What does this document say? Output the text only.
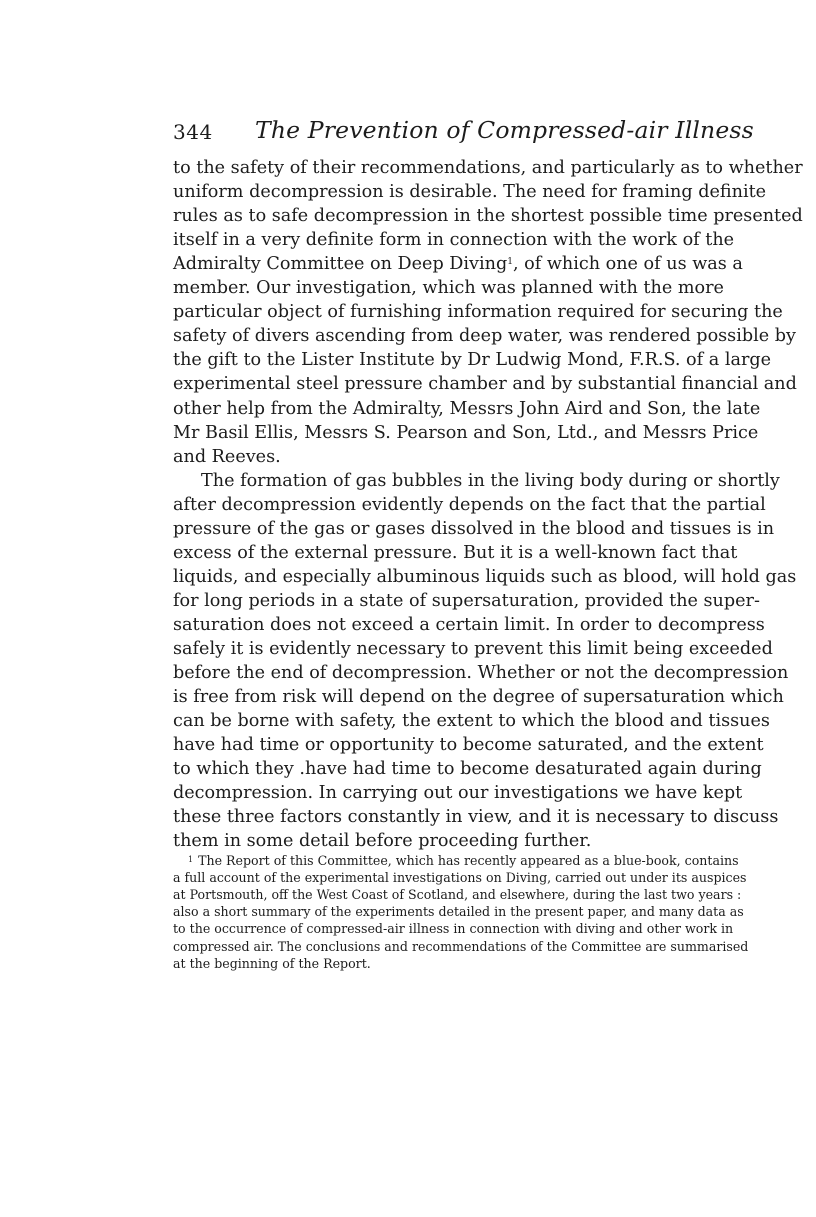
344 The Prevention of Compressed-air Illness
to the safety of their recommendations, and particularly as to whether
uniform decompression is desirable. The need for framing definite
rules as to safe decompression in the shortest possible time presented
itself in a very definite form in connection with the work of the
Admiralty Committee on Deep Diving$^1$, of which one of us was a
member. Our investigation, which was planned with the more
particular object of furnishing information required for securing the
safety of divers ascending from deep water, was rendered possible by
the gift to the Lister Institute by Dr Ludwig Mond, F.R.S. of a large
experimental steel pressure chamber and by substantial financial and
other help from the Admiralty, Messrs John Aird and Son, the late
Mr Basil Ellis, Messrs S. Pearson and Son, Ltd., and Messrs Price
and Reeves.
The formation of gas bubbles in the living body during or shortly
after decompression evidently depends on the fact that the partial
pressure of the gas or gases dissolved in the blood and tissues is in
excess of the external pressure. But it is a well-known fact that
liquids, and especially albuminous liquids such as blood, will hold gas
for long periods in a state of supersaturation, provided the super-
saturation does not exceed a certain limit. In order to decompress
safely it is evidently necessary to prevent this limit being exceeded
before the end of decompression. Whether or not the decompression
is free from risk will depend on the degree of supersaturation which
can be borne with safety, the extent to which the blood and tissues
have had time or opportunity to become saturated, and the extent
to which they .have had time to become desaturated again during
decompression. In carrying out our investigations we have kept
these three factors constantly in view, and it is necessary to discuss
them in some detail before proceeding further.
$^1$ The Report of this Committee, which has recently appeared as a blue-book, contains
a full account of the experimental investigations on Diving, carried out under its auspices
at Portsmouth, off the West Coast of Scotland, and elsewhere, during the last two years :
also a short summary of the experiments detailed in the present paper, and many data as
to the occurrence of compressed-air illness in connection with diving and other work in
compressed air. The conclusions and recommendations of the Committee are summarised
at the beginning of the Report.
